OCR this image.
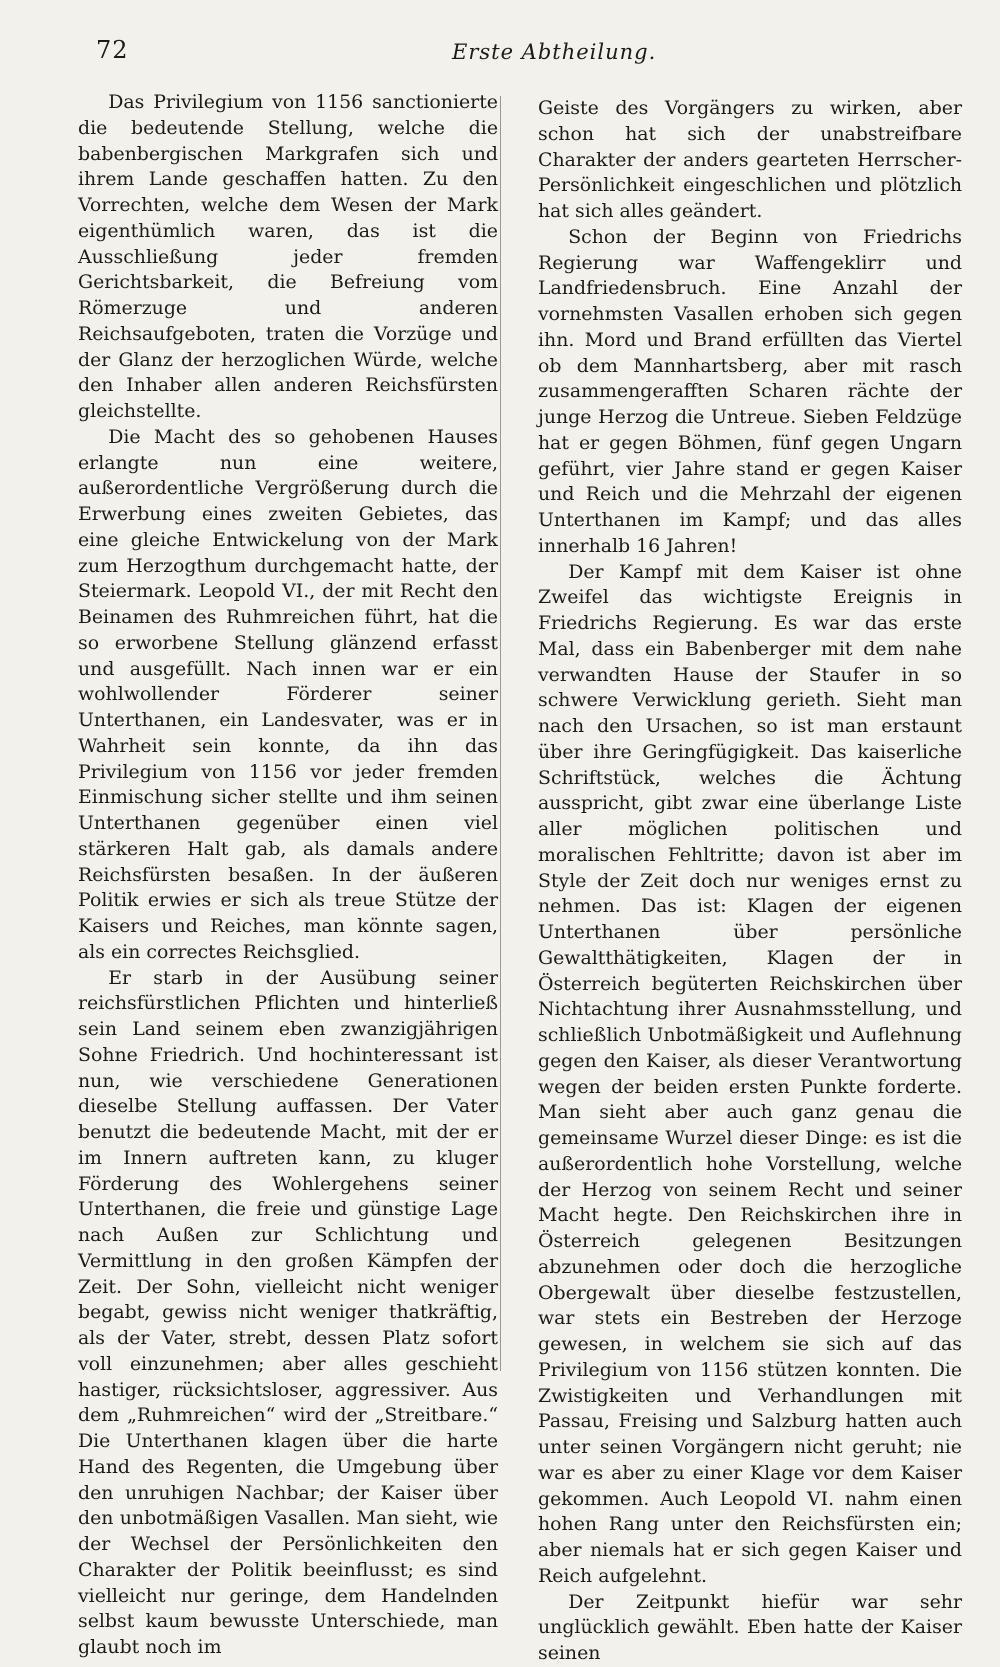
72	Erste Abtheilung.

Das Privilegium von 1156 sanctionierte die bedeutende Stellung, welche die babenbergischen Markgrafen sich und ihrem Lande geschaffen hatten. Zu den Vorrechten, welche dem Wesen der Mark eigenthümlich waren, das ist die Ausschließung jeder fremden Gerichtsbarkeit, die Befreiung vom Römerzuge und anderen Reichsaufgeboten, traten die Vorzüge und der Glanz der herzoglichen Würde, welche den Inhaber allen anderen Reichsfürsten gleichstellte.

Die Macht des so gehobenen Hauses erlangte nun eine weitere, außerordentliche Vergrößerung durch die Erwerbung eines zweiten Gebietes, das eine gleiche Entwickelung von der Mark zum Herzogthum durchgemacht hatte, der Steiermark. Leopold VI., der mit Recht den Beinamen des Ruhmreichen führt, hat die so erworbene Stellung glänzend erfasst und ausgefüllt. Nach innen war er ein wohlwollender Förderer seiner Unterthanen, ein Landesvater, was er in Wahrheit sein konnte, da ihn das Privilegium von 1156 vor jeder fremden Einmischung sicher stellte und ihm seinen Unterthanen gegenüber einen viel stärkeren Halt gab, als damals andere Reichsfürsten besaßen. In der äußeren Politik erwies er sich als treue Stütze der Kaisers und Reiches, man könnte sagen, als ein correctes Reichsglied.

Er starb in der Ausübung seiner reichsfürstlichen Pflichten und hinterließ sein Land seinem eben zwanzigjährigen Sohne Friedrich. Und hochinteressant ist nun, wie verschiedene Generationen dieselbe Stellung auffassen. Der Vater benutzt die bedeutende Macht, mit der er im Innern auftreten kann, zu kluger Förderung des Wohlergehens seiner Unterthanen, die freie und günstige Lage nach Außen zur Schlichtung und Vermittlung in den großen Kämpfen der Zeit. Der Sohn, vielleicht nicht weniger begabt, gewiss nicht weniger thatkräftig, als der Vater, strebt, dessen Platz sofort voll einzunehmen; aber alles geschieht hastiger, rücksichtsloser, aggressiver. Aus dem „Ruhmreichen“ wird der „Streitbare.“ Die Unterthanen klagen über die harte Hand des Regenten, die Umgebung über den unruhigen Nachbar; der Kaiser über den unbotmäßigen Vasallen. Man sieht, wie der Wechsel der Persönlichkeiten den Charakter der Politik beeinflusst; es sind vielleicht nur geringe, dem Handelnden selbst kaum bewusste Unterschiede, man glaubt noch im

Geiste des Vorgängers zu wirken, aber schon hat sich der unabstreifbare Charakter der anders gearteten Herrscher-Persönlichkeit eingeschlichen und plötzlich hat sich alles geändert.

Schon der Beginn von Friedrichs Regierung war Waffengeklirr und Landfriedensbruch. Eine Anzahl der vornehmsten Vasallen erhoben sich gegen ihn. Mord und Brand erfüllten das Viertel ob dem Mannhartsberg, aber mit rasch zusammengerafften Scharen rächte der junge Herzog die Untreue. Sieben Feldzüge hat er gegen Böhmen, fünf gegen Ungarn geführt, vier Jahre stand er gegen Kaiser und Reich und die Mehrzahl der eigenen Unterthanen im Kampf; und das alles innerhalb 16 Jahren!

Der Kampf mit dem Kaiser ist ohne Zweifel das wichtigste Ereignis in Friedrichs Regierung. Es war das erste Mal, dass ein Babenberger mit dem nahe verwandten Hause der Staufer in so schwere Verwicklung gerieth. Sieht man nach den Ursachen, so ist man erstaunt über ihre Geringfügigkeit. Das kaiserliche Schriftstück, welches die Ächtung ausspricht, gibt zwar eine überlange Liste aller möglichen politischen und moralischen Fehltritte; davon ist aber im Style der Zeit doch nur weniges ernst zu nehmen. Das ist: Klagen der eigenen Unterthanen über persönliche Gewaltthätigkeiten, Klagen der in Österreich begüterten Reichskirchen über Nichtachtung ihrer Ausnahmsstellung, und schließlich Unbotmäßigkeit und Auflehnung gegen den Kaiser, als dieser Verantwortung wegen der beiden ersten Punkte forderte. Man sieht aber auch ganz genau die gemeinsame Wurzel dieser Dinge: es ist die außerordentlich hohe Vorstellung, welche der Herzog von seinem Recht und seiner Macht hegte. Den Reichskirchen ihre in Österreich gelegenen Besitzungen abzunehmen oder doch die herzogliche Obergewalt über dieselbe festzustellen, war stets ein Bestreben der Herzoge gewesen, in welchem sie sich auf das Privilegium von 1156 stützen konnten. Die Zwistigkeiten und Verhandlungen mit Passau, Freising und Salzburg hatten auch unter seinen Vorgängern nicht geruht; nie war es aber zu einer Klage vor dem Kaiser gekommen. Auch Leopold VI. nahm einen hohen Rang unter den Reichsfürsten ein; aber niemals hat er sich gegen Kaiser und Reich aufgelehnt.

Der Zeitpunkt hiefür war sehr unglücklich gewählt. Eben hatte der Kaiser seinen
